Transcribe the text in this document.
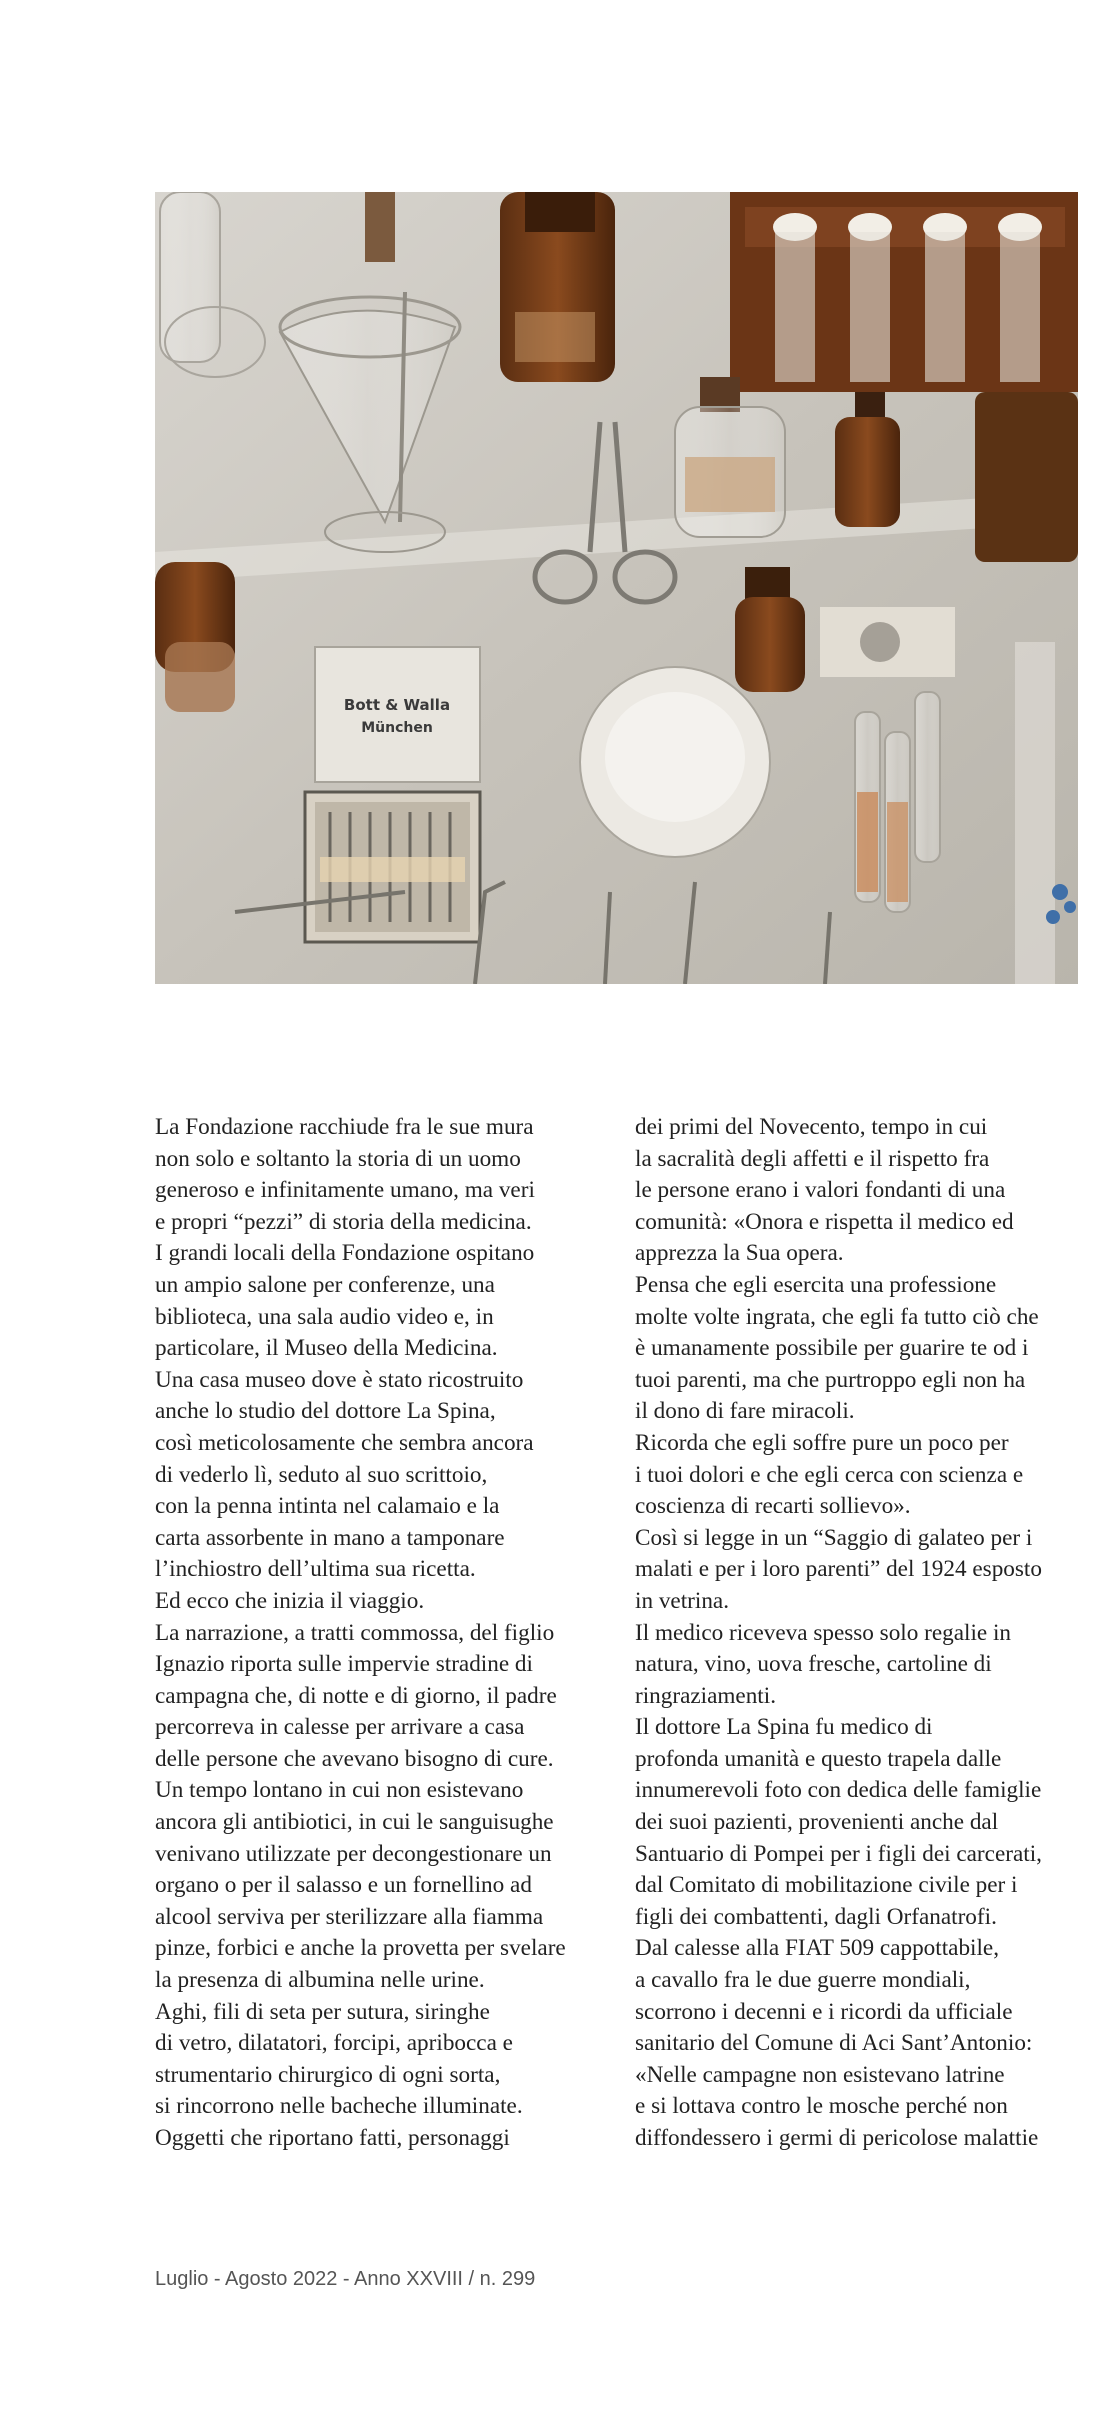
Bott & Walla
München
La Fondazione racchiude fra le sue mura
non solo e soltanto la storia di un uomo
generoso e infinitamente umano, ma veri
e propri “pezzi” di storia della medicina.
I grandi locali della Fondazione ospitano
un ampio salone per conferenze, una
biblioteca, una sala audio video e, in
particolare, il Museo della Medicina.
Una casa museo dove è stato ricostruito
anche lo studio del dottore La Spina,
così meticolosamente che sembra ancora
di vederlo lì, seduto al suo scrittoio,
con la penna intinta nel calamaio e la
carta assorbente in mano a tamponare
l’inchiostro dell’ultima sua ricetta.
Ed ecco che inizia il viaggio.
La narrazione, a tratti commossa, del figlio
Ignazio riporta sulle impervie stradine di
campagna che, di notte e di giorno, il padre
percorreva in calesse per arrivare a casa
delle persone che avevano bisogno di cure.
Un tempo lontano in cui non esistevano
ancora gli antibiotici, in cui le sanguisughe
venivano utilizzate per decongestionare un
organo o per il salasso e un fornellino ad
alcool serviva per sterilizzare alla fiamma
pinze, forbici e anche la provetta per svelare
la presenza di albumina nelle urine.
Aghi, fili di seta per sutura, siringhe
di vetro, dilatatori, forcipi, apribocca e
strumentario chirurgico di ogni sorta,
si rincorrono nelle bacheche illuminate.
Oggetti che riportano fatti, personaggi
dei primi del Novecento, tempo in cui
la sacralità degli affetti e il rispetto fra
le persone erano i valori fondanti di una
comunità: «Onora e rispetta il medico ed
apprezza la Sua opera.
Pensa che egli esercita una professione
molte volte ingrata, che egli fa tutto ciò che
è umanamente possibile per guarire te od i
tuoi parenti, ma che purtroppo egli non ha
il dono di fare miracoli.
Ricorda che egli soffre pure un poco per
i tuoi dolori e che egli cerca con scienza e
coscienza di recarti sollievo».
Così si legge in un “Saggio di galateo per i
malati e per i loro parenti” del 1924 esposto
in vetrina.
Il medico riceveva spesso solo regalie in
natura, vino, uova fresche, cartoline di
ringraziamenti.
Il dottore La Spina fu medico di
profonda umanità e questo trapela dalle
innumerevoli foto con dedica delle famiglie
dei suoi pazienti, provenienti anche dal
Santuario di Pompei per i figli dei carcerati,
dal Comitato di mobilitazione civile per i
figli dei combattenti, dagli Orfanatrofi.
Dal calesse alla FIAT 509 cappottabile,
a cavallo fra le due guerre mondiali,
scorrono i decenni e i ricordi da ufficiale
sanitario del Comune di Aci Sant’Antonio:
«Nelle campagne non esistevano latrine
e si lottava contro le mosche perché non
diffondessero i germi di pericolose malattie
Luglio - Agosto 2022 - Anno XXVIII / n. 299
